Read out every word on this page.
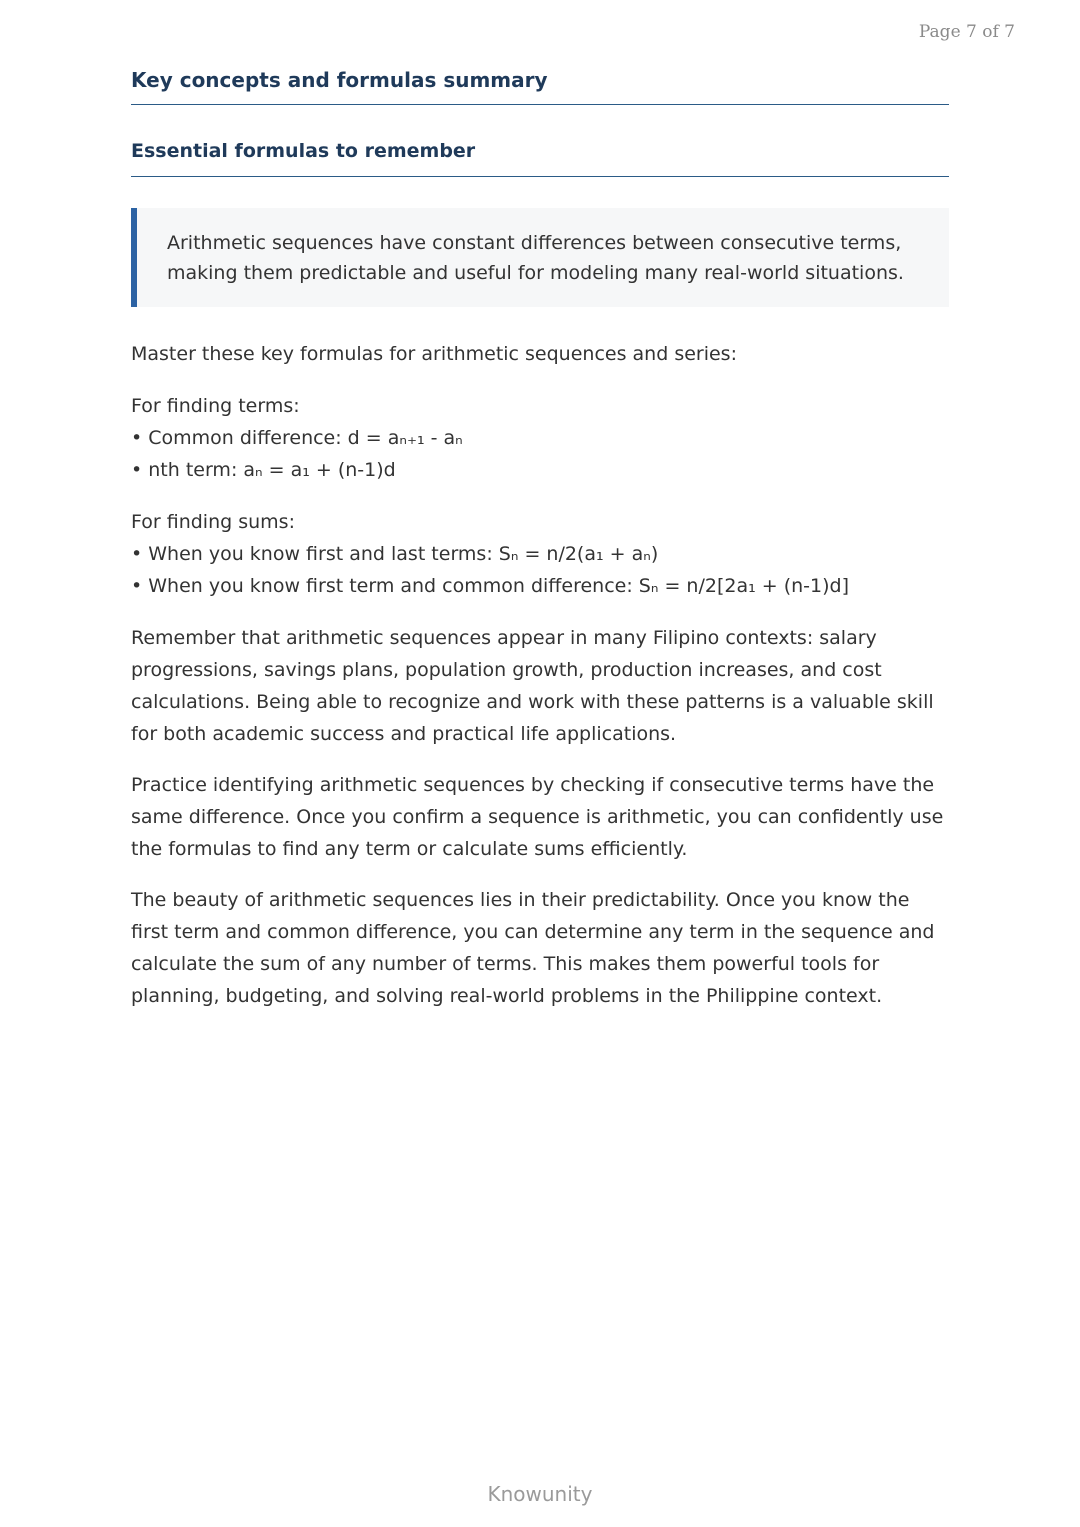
Page 7 of 7
Key concepts and formulas summary
Essential formulas to remember
Arithmetic sequences have constant differences between consecutive terms, making them predictable and useful for modeling many real-world situations.

Master these key formulas for arithmetic sequences and series:

For finding terms:
• Common difference: d = aₙ₊₁ - aₙ
• nth term: aₙ = a₁ + (n-1)d
For finding sums:
• When you know first and last terms: Sₙ = n/2(a₁ + aₙ)
• When you know first term and common difference: Sₙ = n/2[2a₁ + (n-1)d]

Remember that arithmetic sequences appear in many Filipino contexts: salary progressions, savings plans, population growth, production increases, and cost calculations. Being able to recognize and work with these patterns is a valuable skill for both academic success and practical life applications.

Practice identifying arithmetic sequences by checking if consecutive terms have the same difference. Once you confirm a sequence is arithmetic, you can confidently use the formulas to find any term or calculate sums efficiently.

The beauty of arithmetic sequences lies in their predictability. Once you know the first term and common difference, you can determine any term in the sequence and calculate the sum of any number of terms. This makes them powerful tools for planning, budgeting, and solving real-world problems in the Philippine context.

Knowunity
